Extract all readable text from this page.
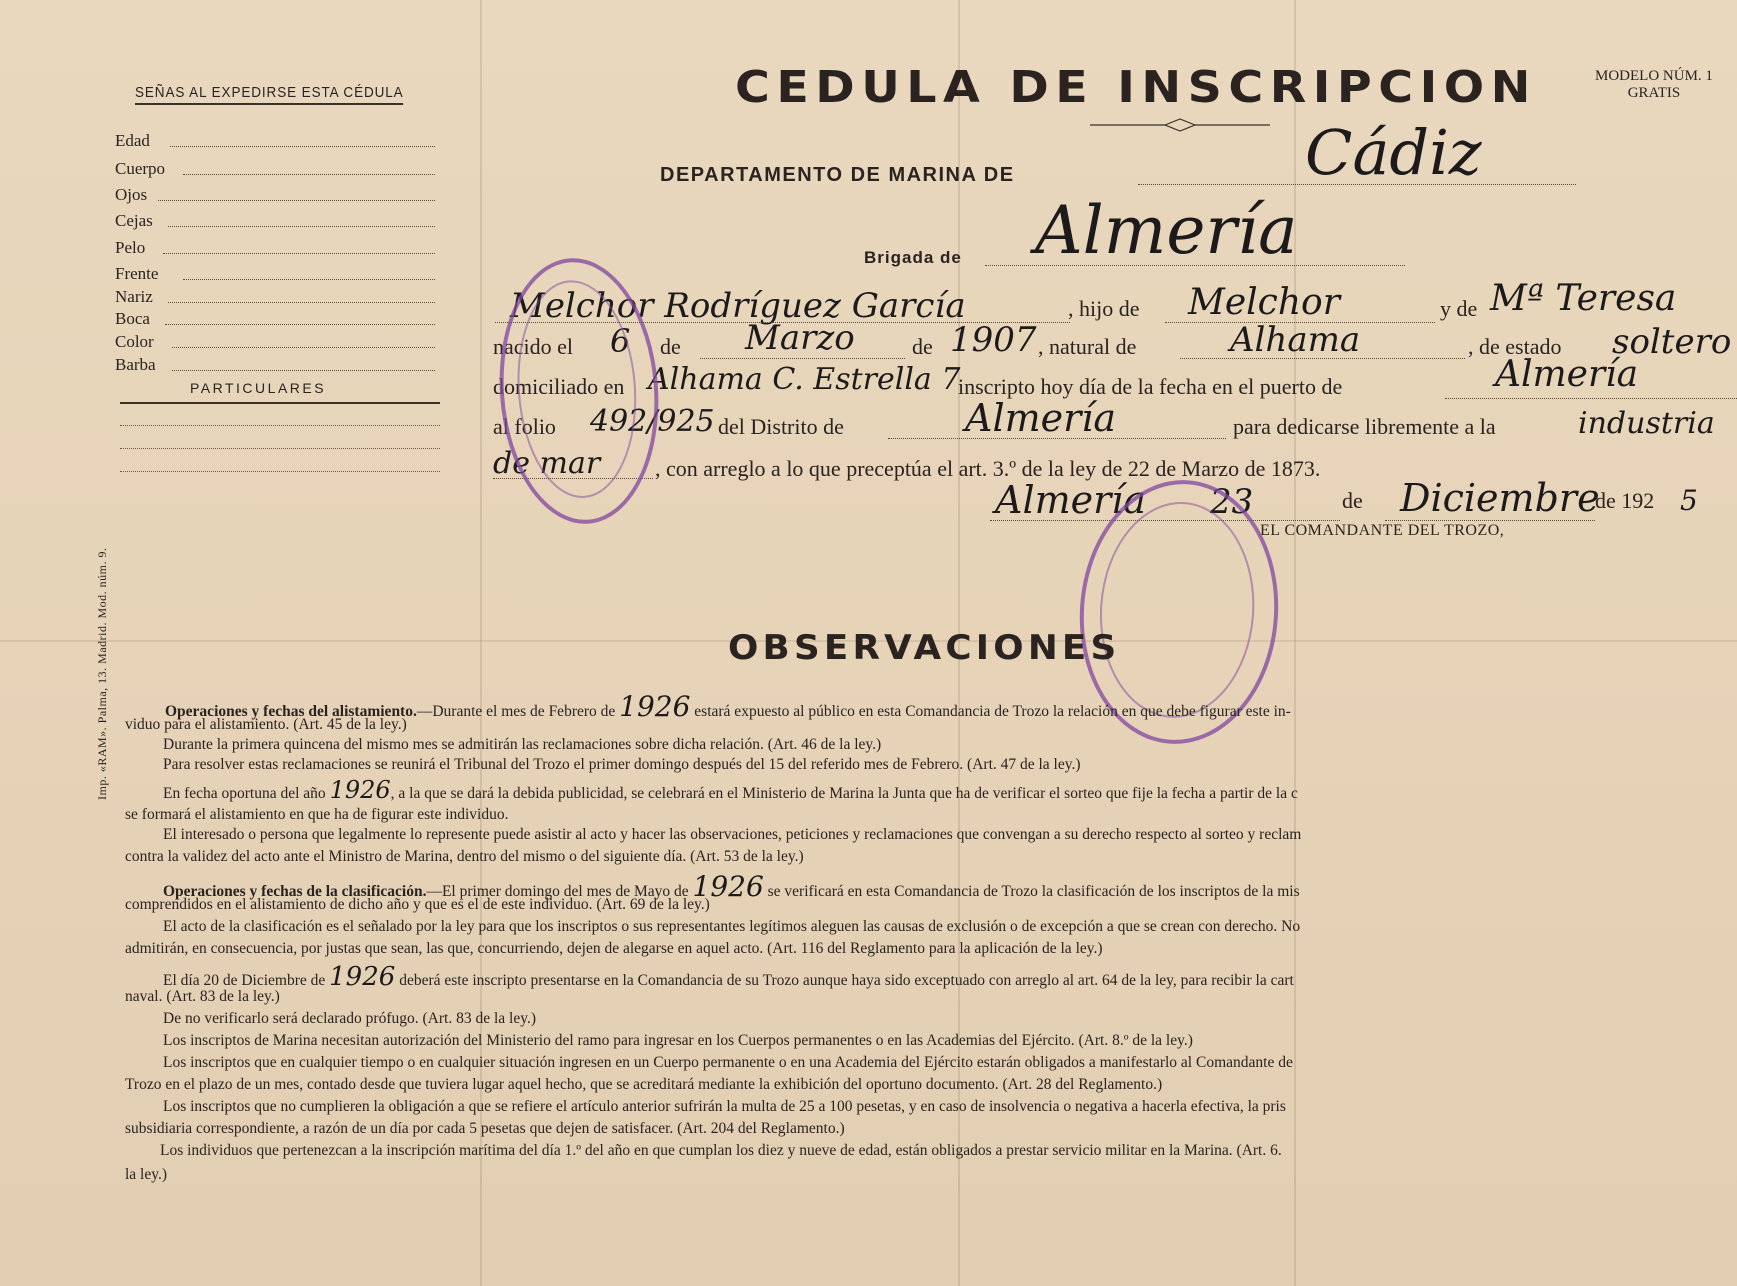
SEÑAS AL EXPEDIRSE ESTA CÉDULA
Edad
Cuerpo
Ojos
Cejas
Pelo
Frente
Nariz
Boca
Color
Barba
PARTICULARES
Imp. «RAM». Palma, 13. Madrid. Mod. núm. 9.
CEDULA DE INSCRIPCION	MODELO NÚM. 1
GRATIS
DEPARTAMENTO DE MARINA DE	Cádiz
Brigada de Almería
Melchor Rodríguez García	, hijo de Melchor	y de Mª Teresa
nacido el 6 de Marzo	de 1907 , natural de	Alhama	, de estado soltero
domiciliado en Alhama C. Estrella 7
inscripto hoy día de la fecha en el puerto de	Almería
al folio 492/925 del Distrito de	Almería	para dedicarse libremente a la	industria
de mar , con arreglo a lo que preceptúa el art. 3.º de la ley de 22 de Marzo de 1873.
Almería 23	de Diciembre
de 192 5
EL COMANDANTE DEL TROZO,
OBSERVACIONES
Operaciones y fechas del alistamiento.—Durante el mes de Febrero de 1926 estará expuesto al público en esta Comandancia de Trozo la relación en que debe figurar este in-
viduo para el alistamiento. (Art. 45 de la ley.)
Durante la primera quincena del mismo mes se admitirán las reclamaciones sobre dicha relación. (Art. 46 de la ley.)
Para resolver estas reclamaciones se reunirá el Tribunal del Trozo el primer domingo después del 15 del referido mes de Febrero. (Art. 47 de la ley.)
En fecha oportuna del año 1926, a la que se dará la debida publicidad, se celebrará en el Ministerio de Marina la Junta que ha de verificar el sorteo que fije la fecha a partir de la c
se formará el alistamiento en que ha de figurar este individuo.
El interesado o persona que legalmente lo represente puede asistir al acto y hacer las observaciones, peticiones y reclamaciones que convengan a su derecho respecto al sorteo y reclam
contra la validez del acto ante el Ministro de Marina, dentro del mismo o del siguiente día. (Art. 53 de la ley.)
Operaciones y fechas de la clasificación.—El primer domingo del mes de Mayo de 1926 se verificará en esta Comandancia de Trozo la clasificación de los inscriptos de la mis
comprendidos en el alistamiento de dicho año y que es el de este individuo. (Art. 69 de la ley.)
El acto de la clasificación es el señalado por la ley para que los inscriptos o sus representantes legítimos aleguen las causas de exclusión o de excepción a que se crean con derecho. No
admitirán, en consecuencia, por justas que sean, las que, concurriendo, dejen de alegarse en aquel acto. (Art. 116 del Reglamento para la aplicación de la ley.)
El día 20 de Diciembre de 1926 deberá este inscripto presentarse en la Comandancia de su Trozo aunque haya sido exceptuado con arreglo al art. 64 de la ley, para recibir la cart
naval. (Art. 83 de la ley.)
De no verificarlo será declarado prófugo. (Art. 83 de la ley.)
Los inscriptos de Marina necesitan autorización del Ministerio del ramo para ingresar en los Cuerpos permanentes o en las Academias del Ejército. (Art. 8.º de la ley.)
Los inscriptos que en cualquier tiempo o en cualquier situación ingresen en un Cuerpo permanente o en una Academia del Ejército estarán obligados a manifestarlo al Comandante de
Trozo en el plazo de un mes, contado desde que tuviera lugar aquel hecho, que se acreditará mediante la exhibición del oportuno documento. (Art. 28 del Reglamento.)
Los inscriptos que no cumplieren la obligación a que se refiere el artículo anterior sufrirán la multa de 25 a 100 pesetas, y en caso de insolvencia o negativa a hacerla efectiva, la pris
subsidiaria correspondiente, a razón de un día por cada 5 pesetas que dejen de satisfacer. (Art. 204 del Reglamento.)
Los individuos que pertenezcan a la inscripción marítima del día 1.º del año en que cumplan los diez y nueve de edad, están obligados a prestar servicio militar en la Marina. (Art. 6.
la ley.)
